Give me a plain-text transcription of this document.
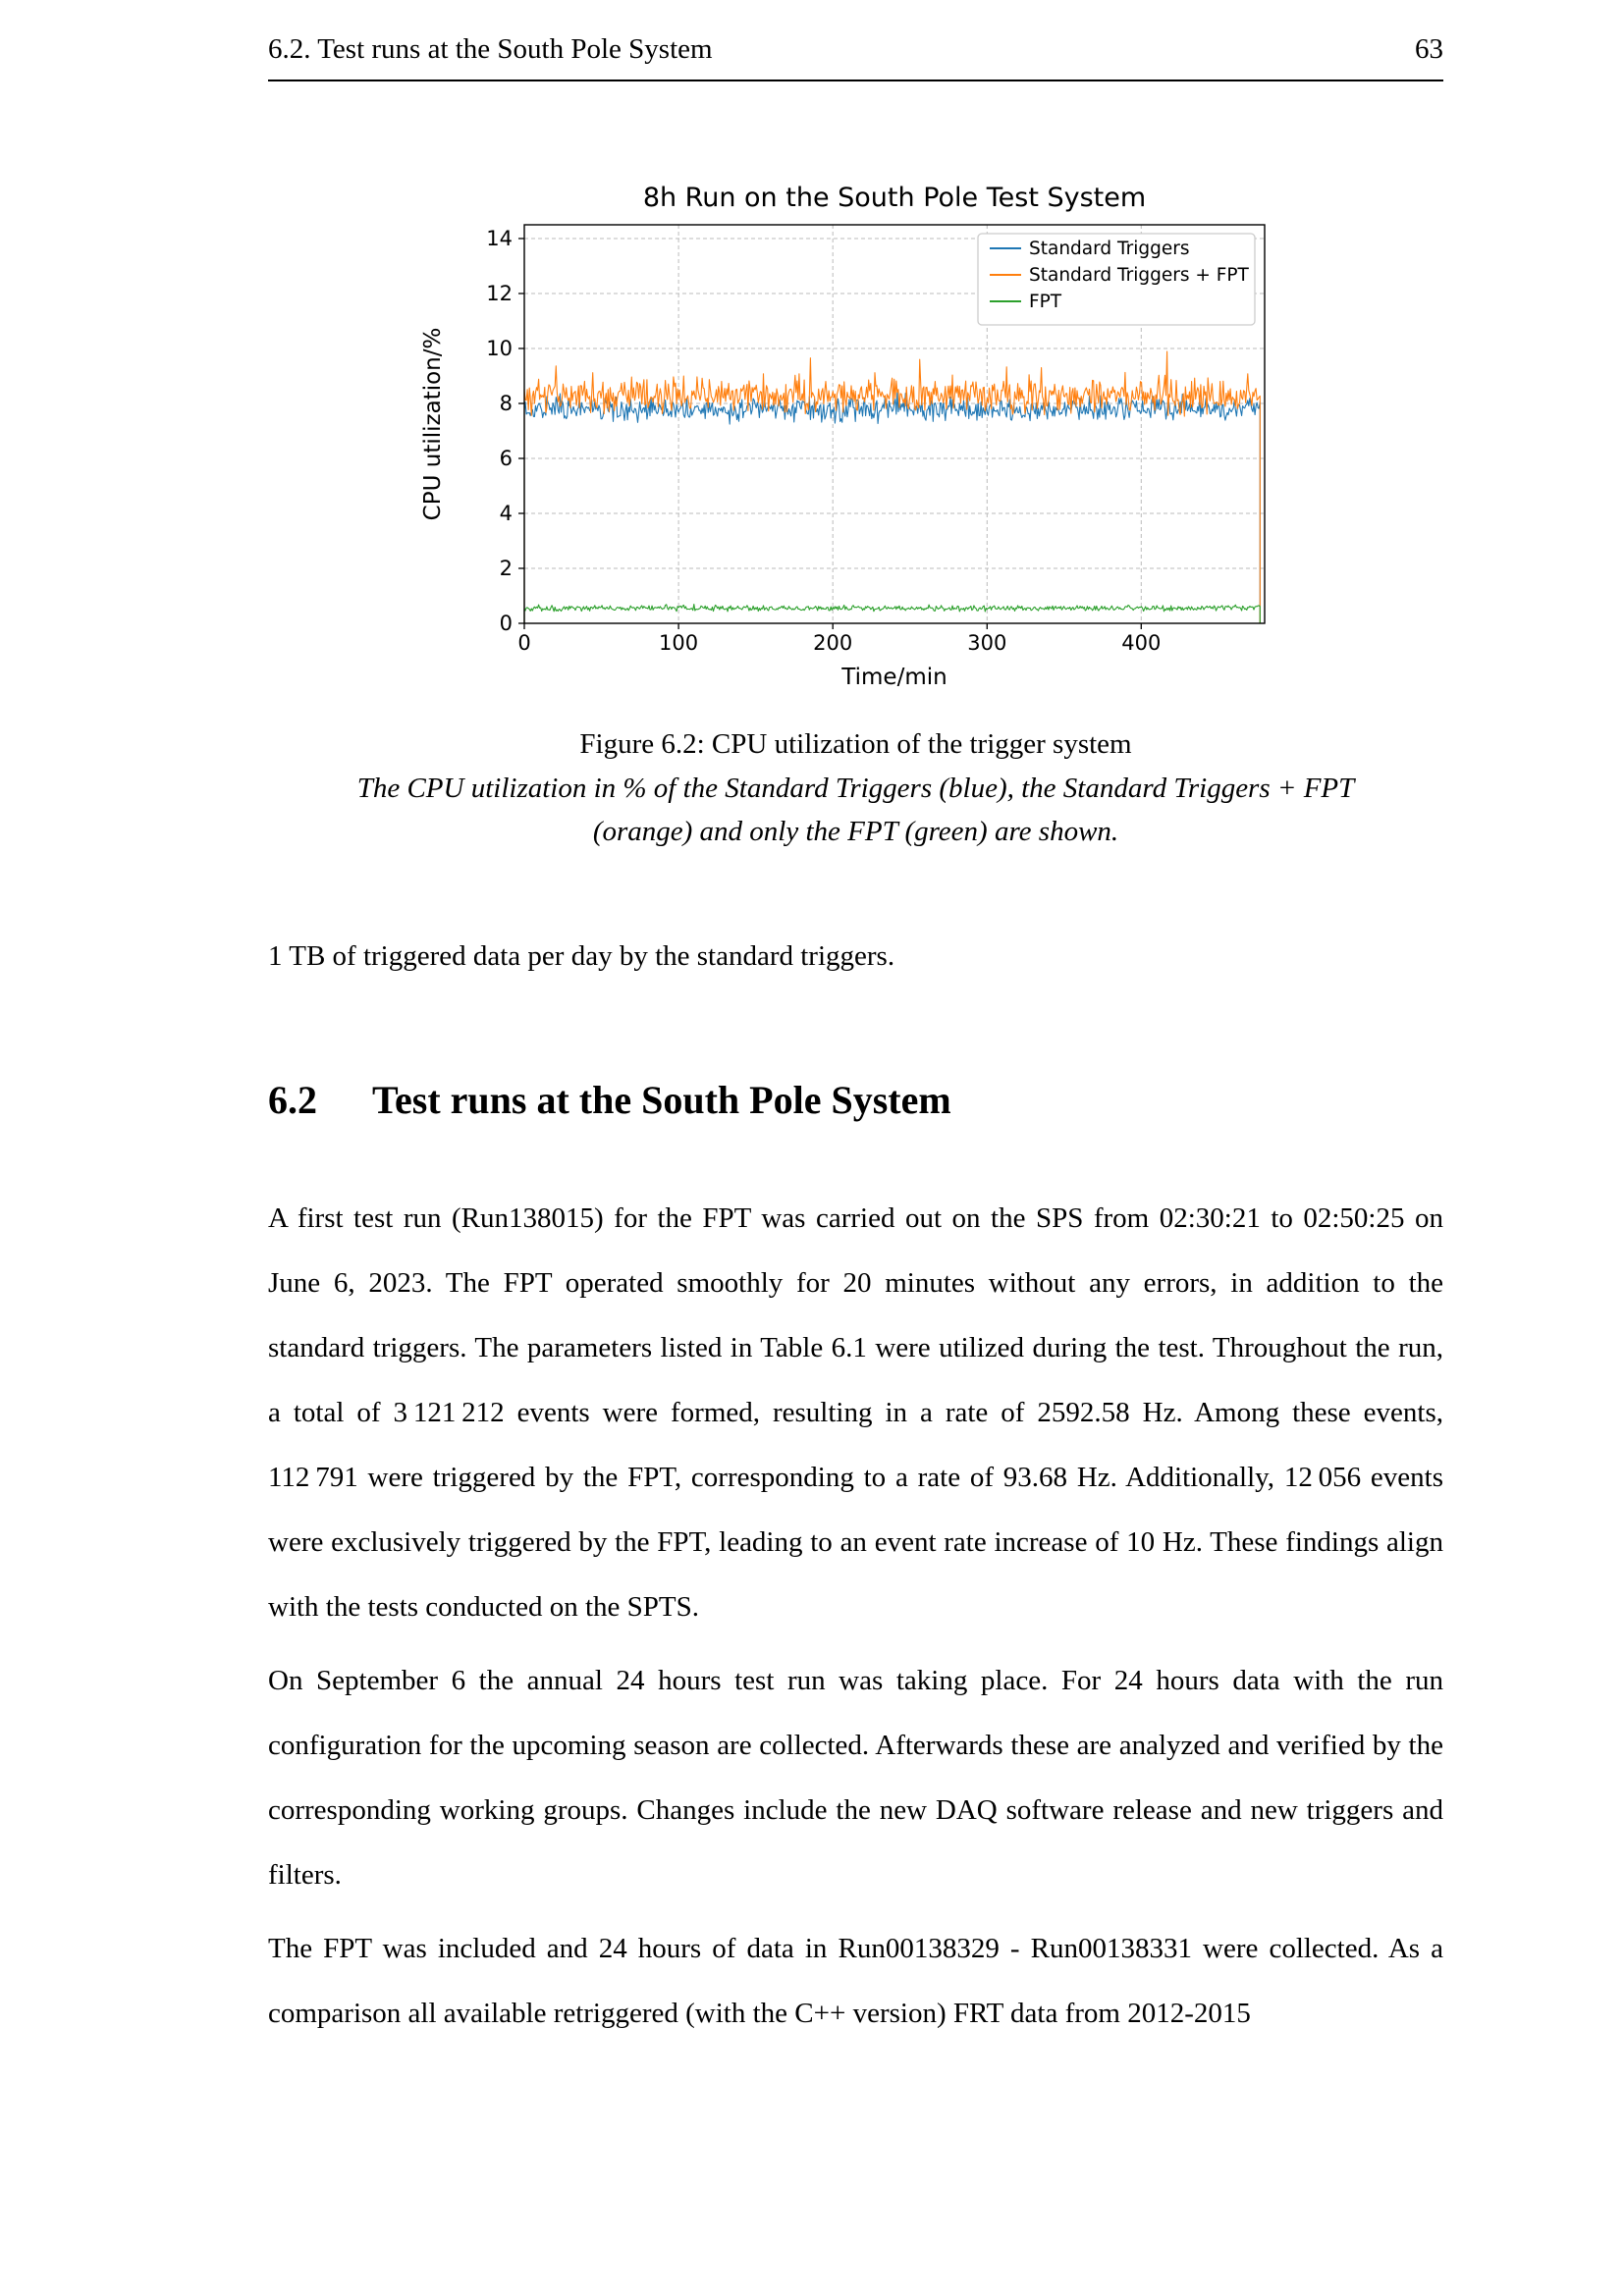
6.2. Test runs at the South Pole System	63
0	100	200	300	400
0
2
4
6
8
10
12
14
8h Run on the South Pole Test System
Time/min
CPU utilization/%
Standard Triggers
Standard Triggers + FPT
FPT
Figure 6.2: CPU utilization of the trigger system
The CPU utilization in % of the Standard Triggers (blue), the Standard Triggers + FPT (orange) and only the FPT (green) are shown.

1 TB of triggered data per day by the standard triggers.

6.2 Test runs at the South Pole System

A first test run (Run138015) for the FPT was carried out on the SPS from 02:30:21 to 02:50:25 on June 6, 2023. The FPT operated smoothly for 20 minutes without any errors, in addition to the standard triggers. The parameters listed in Table 6.1 were utilized during the test. Throughout the run, a total of 3 121 212 events were formed, resulting in a rate of 2592.58 Hz. Among these events, 112 791 were triggered by the FPT, corresponding to a rate of 93.68 Hz. Additionally, 12 056 events were exclusively triggered by the FPT, leading to an event rate increase of 10 Hz. These findings align with the tests conducted on the SPTS.

On September 6 the annual 24 hours test run was taking place. For 24 hours data with the run configuration for the upcoming season are collected. Afterwards these are analyzed and verified by the corresponding working groups. Changes include the new DAQ software release and new triggers and filters.

The FPT was included and 24 hours of data in Run00138329 - Run00138331 were collected. As a comparison all available retriggered (with the C++ version) FRT data from 2012-2015
